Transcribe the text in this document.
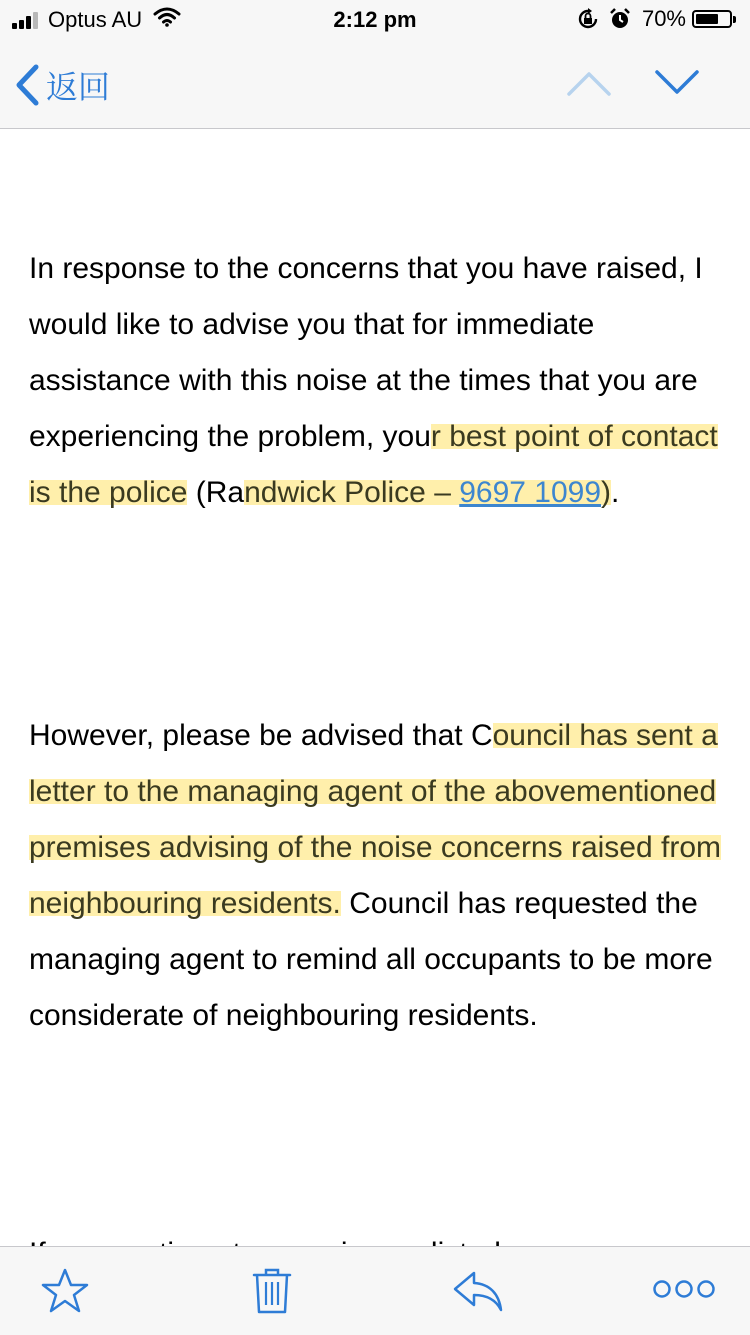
Optus AU	2:12 pm	70%
返回

In response to the concerns that you have raised, I would like to advise you that for immediate assistance with this noise at the times that you are experiencing the problem, your best point of contact is the police (Randwick Police – 9697 1099).

However, please be advised that Council has sent a letter to the managing agent of the abovementioned premises advising of the noise concerns raised from neighbouring residents. Council has requested the managing agent to remind all occupants to be more considerate of neighbouring residents.
